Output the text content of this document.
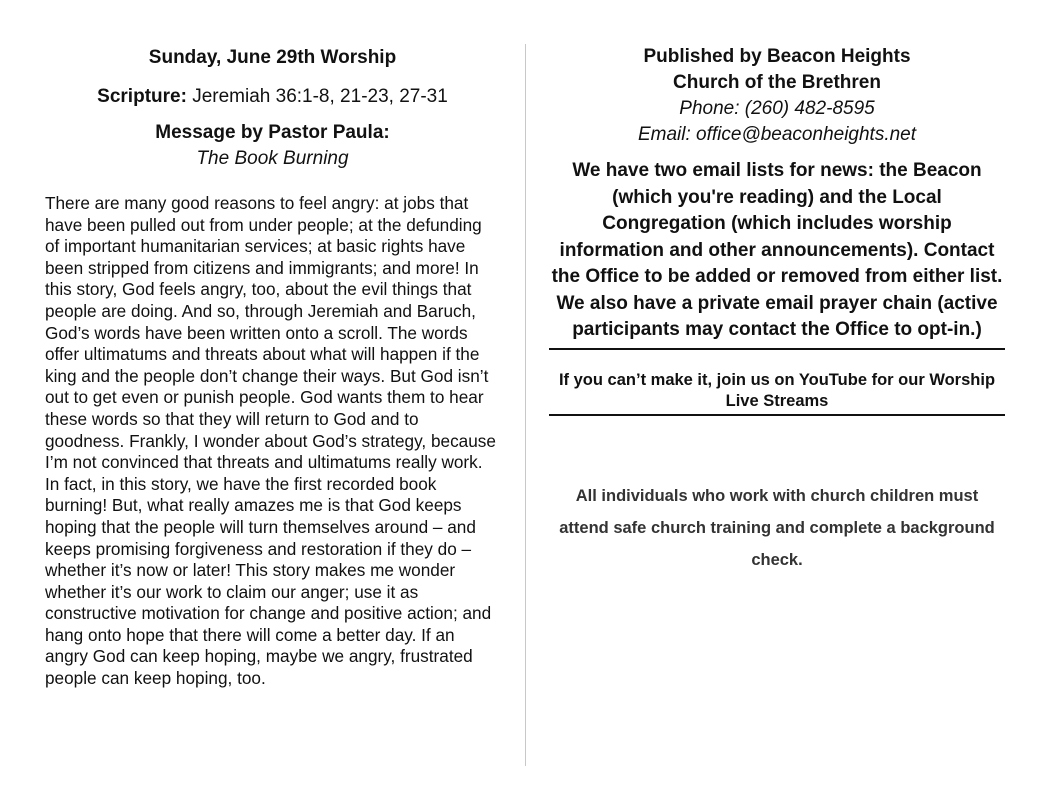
Sunday, June 29th Worship
Scripture: Jeremiah 36:1-8, 21-23, 27-31
Message by Pastor Paula:
The Book Burning
There are many good reasons to feel angry: at jobs that have been pulled out from under people; at the defunding of important humanitarian services; at basic rights have been stripped from citizens and immigrants; and more! In this story, God feels angry, too, about the evil things that people are doing. And so, through Jeremiah and Baruch, God’s words have been written onto a scroll. The words offer ultimatums and threats about what will happen if the king and the people don’t change their ways. But God isn’t out to get even or punish people. God wants them to hear these words so that they will return to God and to goodness. Frankly, I wonder about God’s strategy, because I’m not convinced that threats and ultimatums really work. In fact, in this story, we have the first recorded book burning! But, what really amazes me is that God keeps hoping that the people will turn themselves around – and keeps promising forgiveness and restoration if they do – whether it’s now or later! This story makes me wonder whether it’s our work to claim our anger; use it as constructive motivation for change and positive action; and hang onto hope that there will come a better day. If an angry God can keep hoping, maybe we angry, frustrated people can keep hoping, too.
Published by Beacon Heights
Church of the Brethren
Phone: (260) 482-8595
Email: office@beaconheights.net
We have two email lists for news: the Beacon (which you're reading) and the Local Congregation (which includes worship information and other announcements). Contact the Office to be added or removed from either list. We also have a private email prayer chain (active participants may contact the Office to opt-in.)
If you can’t make it, join us on YouTube for our Worship Live Streams
All individuals who work with church children must attend safe church training and complete a background check.
